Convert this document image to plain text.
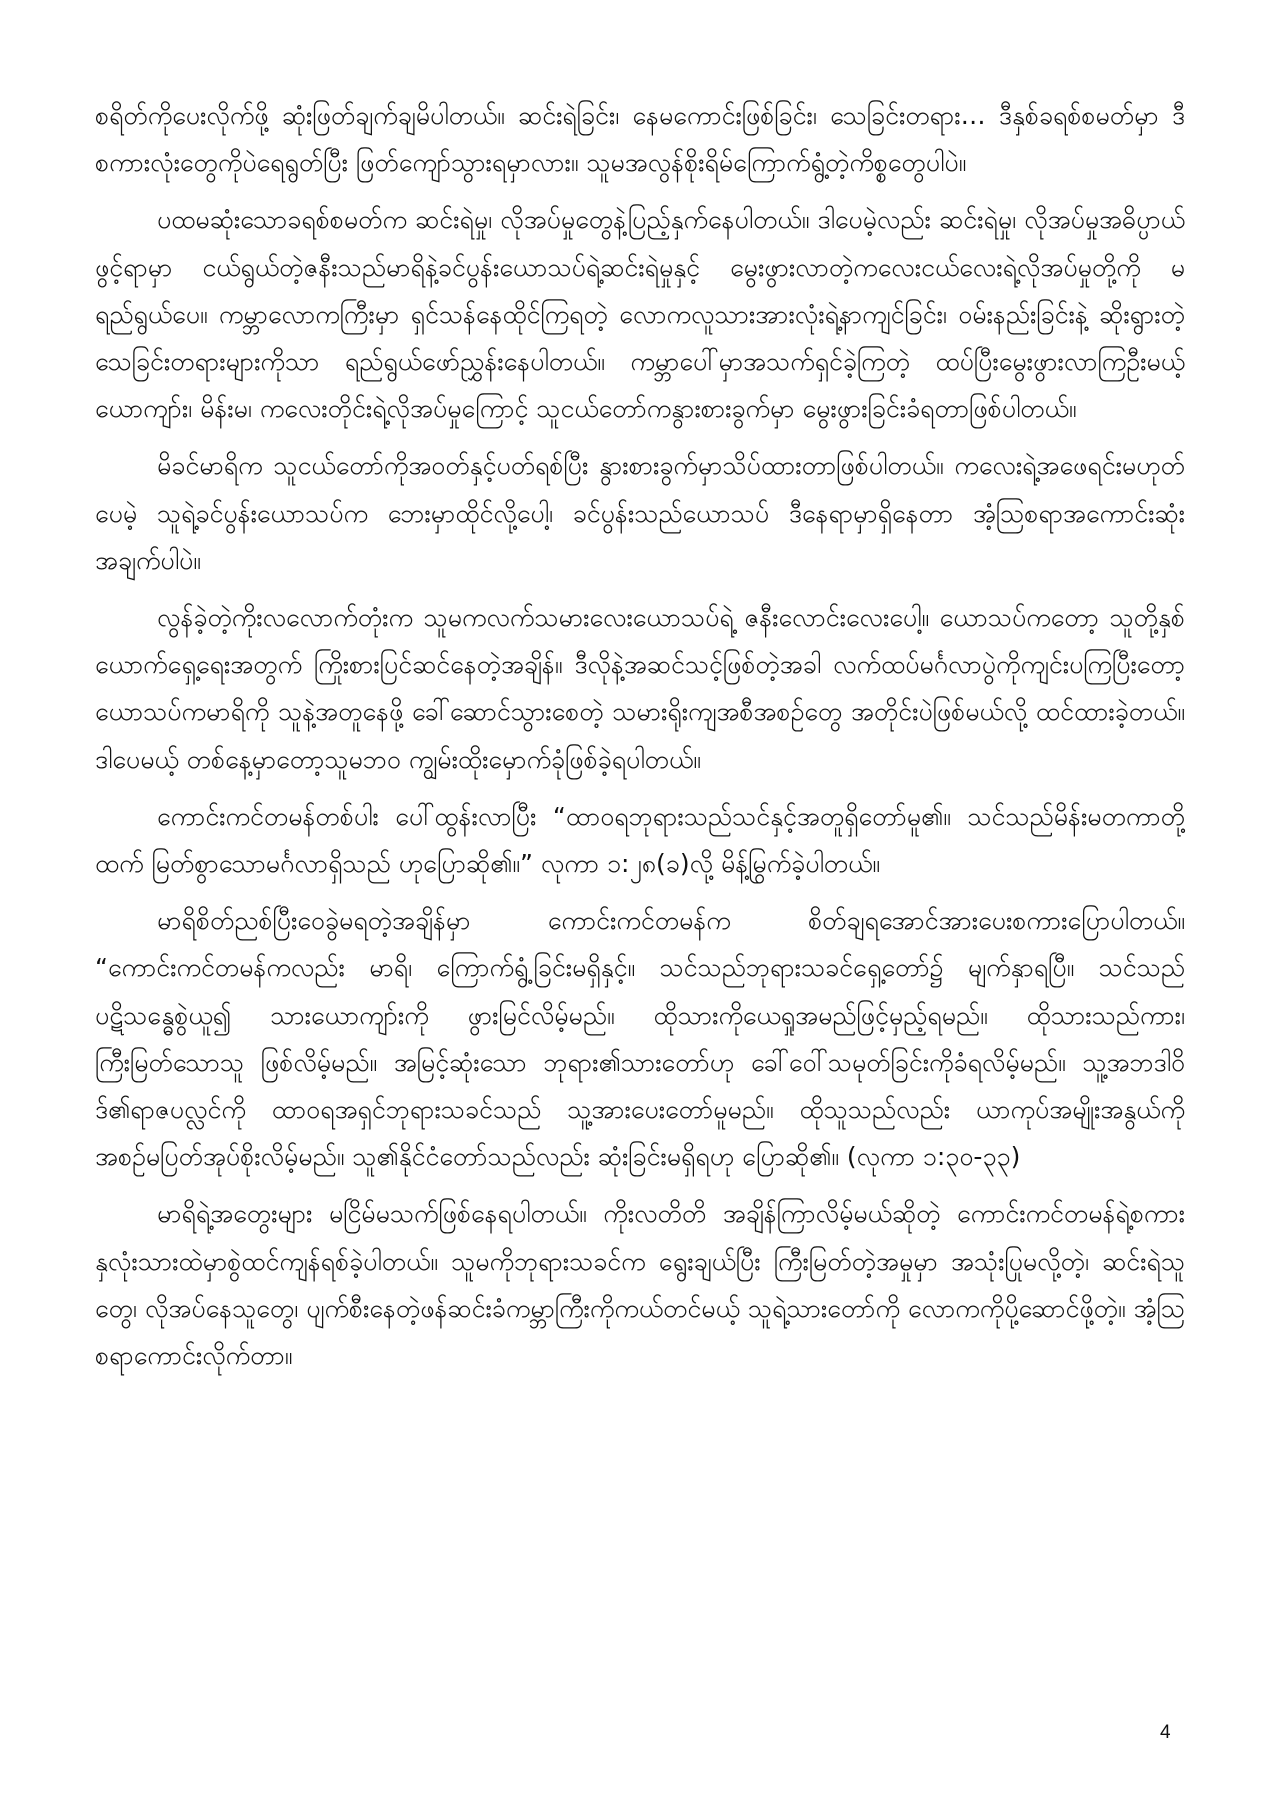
စရိတ်ကိုပေးလိုက်ဖို့ ဆုံးဖြတ်ချက်ချမိပါတယ်။ ဆင်းရဲခြင်း၊ နေမကောင်းဖြစ်ခြင်း၊ သေခြင်းတရား… ဒီနှစ်ခရစ်စမတ်မှာ ဒီစကားလုံးတွေကိုပဲရေရွတ်ပြီး ဖြတ်ကျော်သွားရမှာလား။ သူမအလွန်စိုးရိမ်ကြောက်ရွံ့တဲ့ကိစ္စတွေပါပဲ။

ပထမဆုံးသောခရစ်စမတ်က ဆင်းရဲမှု၊ လိုအပ်မှုတွေနဲ့ပြည့်နှက်နေပါတယ်။ ဒါပေမဲ့လည်း ဆင်းရဲမှု၊ လိုအပ်မှုအဓိပ္ပာယ်ဖွင့်ရာမှာ ငယ်ရွယ်တဲ့ဇနီးသည်မာရိနဲ့ခင်ပွန်းယောသပ်ရဲ့ဆင်းရဲမှုနှင့် မွေးဖွားလာတဲ့ကလေးငယ်လေးရဲ့လိုအပ်မှုတို့ကို မရည်ရွယ်ပေ။ ကမ္ဘာလောကကြီးမှာ ရှင်သန်နေထိုင်ကြရတဲ့ လောကလူသားအားလုံးရဲ့နာကျင်ခြင်း၊ ဝမ်းနည်းခြင်းနဲ့ ဆိုးရွားတဲ့သေခြင်းတရားများကိုသာ ရည်ရွယ်ဖော်ညွှန်းနေပါတယ်။ ကမ္ဘာပေါ်မှာအသက်ရှင်ခဲ့ကြတဲ့ ထပ်ပြီးမွေးဖွားလာကြဦးမယ့် ယောကျာ်း၊ မိန်းမ၊ ကလေးတိုင်းရဲ့လိုအပ်မှုကြောင့် သူငယ်တော်ကနွားစားခွက်မှာ မွေးဖွားခြင်းခံရတာဖြစ်ပါတယ်။

မိခင်မာရိက သူငယ်တော်ကိုအဝတ်နှင့်ပတ်ရစ်ပြီး နွားစားခွက်မှာသိပ်ထားတာဖြစ်ပါတယ်။ ကလေးရဲ့အဖေရင်းမဟုတ်ပေမဲ့ သူရဲ့ခင်ပွန်းယောသပ်က ဘေးမှာထိုင်လို့ပေါ့၊ ခင်ပွန်းသည်ယောသပ် ဒီနေရာမှာရှိနေတာ အံ့ဩစရာအကောင်းဆုံးအချက်ပါပဲ။

လွန်ခဲ့တဲ့ကိုးလလောက်တုံးက သူမကလက်သမားလေးယောသပ်ရဲ့ ဇနီးလောင်းလေးပေါ့။ ယောသပ်ကတော့ သူတို့နှစ်ယောက်ရှေ့ရေးအတွက် ကြိုးစားပြင်ဆင်နေတဲ့အချိန်။ ဒီလိုနဲ့အဆင်သင့်ဖြစ်တဲ့အခါ လက်ထပ်မင်္ဂလာပွဲကိုကျင်းပကြပြီးတော့ ယောသပ်ကမာရိကို သူနဲ့အတူနေဖို့ ခေါ်ဆောင်သွားစေတဲ့ သမားရိုးကျအစီအစဉ်တွေ အတိုင်းပဲဖြစ်မယ်လို့ ထင်ထားခဲ့တယ်။ ဒါပေမယ့် တစ်နေ့မှာတော့သူမဘဝ ကျွမ်းထိုးမှောက်ခုံဖြစ်ခဲ့ရပါတယ်။

ကောင်းကင်တမန်တစ်ပါး ပေါ်ထွန်းလာပြီး “ထာဝရဘုရားသည်သင်နှင့်အတူရှိတော်မူ၏။ သင်သည်မိန်းမတကာတို့ထက် မြတ်စွာသောမင်္ဂလာရှိသည် ဟုပြောဆို၏။” လုကာ ၁:၂၈(ခ)လို့ မိန့်မြွက်ခဲ့ပါတယ်။

မာရိစိတ်ညစ်ပြီးဝေခွဲမရတဲ့အချိန်မှာ ကောင်းကင်တမန်က စိတ်ချရအောင်အားပေးစကားပြောပါတယ်။ “ကောင်းကင်တမန်ကလည်း မာရိ၊ ကြောက်ရွံ့ခြင်းမရှိနှင့်။ သင်သည်ဘုရားသခင်ရှေ့တော်၌ မျက်နှာရပြီ။ သင်သည်ပဋိသန္ဓေစွဲယူ၍ သားယောကျာ်းကို ဖွားမြင်လိမ့်မည်။ ထိုသားကိုယေရှုအမည်ဖြင့်မှည့်ရမည်။ ထိုသားသည်ကား၊ ကြီးမြတ်သောသူ ဖြစ်လိမ့်မည်။ အမြင့်ဆုံးသော ဘုရား၏သားတော်ဟု ခေါ်ဝေါ်သမုတ်ခြင်းကိုခံရလိမ့်မည်။ သူ့အဘဒါဝိဒ်၏ရာဇပလ္လင်ကို ထာဝရအရှင်ဘုရားသခင်သည် သူ့အားပေးတော်မူမည်။ ထိုသူသည်လည်း ယာကုပ်အမျိုးအနွယ်ကို အစဉ်မပြတ်အုပ်စိုးလိမ့်မည်။ သူ၏နိုင်ငံတော်သည်လည်း ဆုံးခြင်းမရှိရဟု ပြောဆို၏။ (လုကာ ၁:၃၀-၃၃)

မာရိရဲ့အတွေးများ မငြိမ်မသက်ဖြစ်နေရပါတယ်။ ကိုးလတိတိ အချိန်ကြာလိမ့်မယ်ဆိုတဲ့ ကောင်းကင်တမန်ရဲ့စကား နှလုံးသားထဲမှာစွဲထင်ကျန်ရစ်ခဲ့ပါတယ်။ သူမကိုဘုရားသခင်က ရွေးချယ်ပြီး ကြီးမြတ်တဲ့အမှုမှာ အသုံးပြုမလို့တဲ့၊ ဆင်းရဲသူတွေ၊ လိုအပ်နေသူတွေ၊ ပျက်စီးနေတဲ့ဖန်ဆင်းခံကမ္ဘာကြီးကိုကယ်တင်မယ့် သူရဲ့သားတော်ကို လောကကိုပို့ဆောင်ဖို့တဲ့။ အံ့ဩစရာကောင်းလိုက်တာ။

4
